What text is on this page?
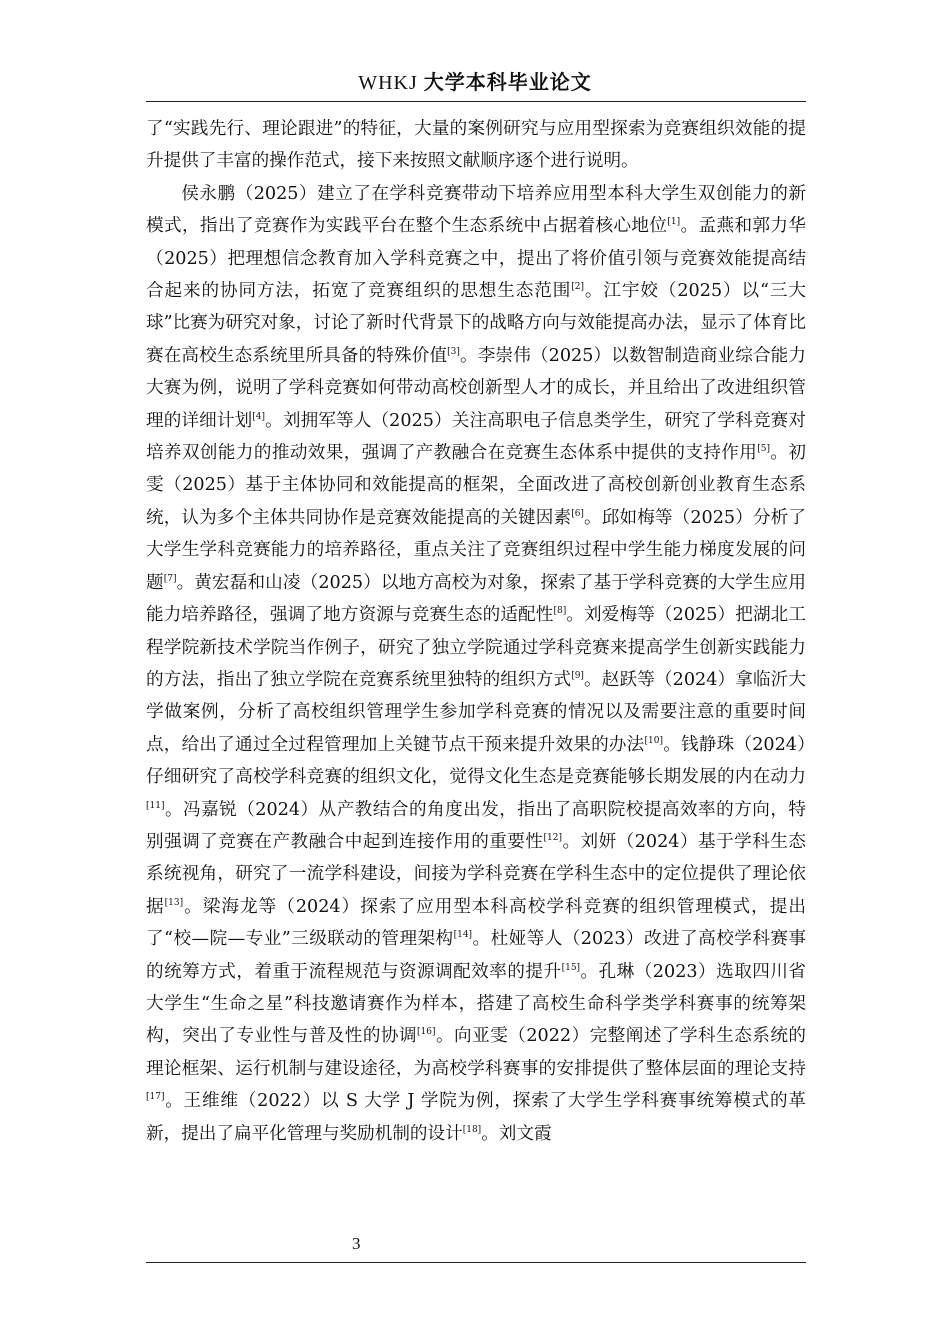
WHKJ 大学本科毕业论文

了“实践先行、理论跟进”的特征，大量的案例研究与应用型探索为竞赛组织效能的提升提供了丰富的操作范式，接下来按照文献顺序逐个进行说明。

侯永鹏（2025）建立了在学科竞赛带动下培养应用型本科大学生双创能力的新模式，指出了竞赛作为实践平台在整个生态系统中占据着核心地位[1]。孟燕和郭力华（2025）把理想信念教育加入学科竞赛之中，提出了将价值引领与竞赛效能提高结合起来的协同方法，拓宽了竞赛组织的思想生态范围[2]。江宇姣（2025）以“三大球”比赛为研究对象，讨论了新时代背景下的战略方向与效能提高办法，显示了体育比赛在高校生态系统里所具备的特殊价值[3]。李崇伟（2025）以数智制造商业综合能力大赛为例，说明了学科竞赛如何带动高校创新型人才的成长，并且给出了改进组织管理的详细计划[4]。刘拥军等人（2025）关注高职电子信息类学生，研究了学科竞赛对培养双创能力的推动效果，强调了产教融合在竞赛生态体系中提供的支持作用[5]。初雯（2025）基于主体协同和效能提高的框架，全面改进了高校创新创业教育生态系统，认为多个主体共同协作是竞赛效能提高的关键因素[6]。邱如梅等（2025）分析了大学生学科竞赛能力的培养路径，重点关注了竞赛组织过程中学生能力梯度发展的问题[7]。黄宏磊和山凌（2025）以地方高校为对象，探索了基于学科竞赛的大学生应用能力培养路径，强调了地方资源与竞赛生态的适配性[8]。刘爱梅等（2025）把湖北工程学院新技术学院当作例子，研究了独立学院通过学科竞赛来提高学生创新实践能力的方法，指出了独立学院在竞赛系统里独特的组织方式[9]。赵跃等（2024）拿临沂大学做案例，分析了高校组织管理学生参加学科竞赛的情况以及需要注意的重要时间点，给出了通过全过程管理加上关键节点干预来提升效果的办法[10]。钱静珠（2024）仔细研究了高校学科竞赛的组织文化，觉得文化生态是竞赛能够长期发展的内在动力[11]。冯嘉锐（2024）从产教结合的角度出发，指出了高职院校提高效率的方向，特别强调了竞赛在产教融合中起到连接作用的重要性[12]。刘妍（2024）基于学科生态系统视角，研究了一流学科建设，间接为学科竞赛在学科生态中的定位提供了理论依据[13]。梁海龙等（2024）探索了应用型本科高校学科竞赛的组织管理模式，提出了“校—院—专业”三级联动的管理架构[14]。杜娅等人（2023）改进了高校学科赛事的统筹方式，着重于流程规范与资源调配效率的提升[15]。孔琳（2023）选取四川省大学生“生命之星”科技邀请赛作为样本，搭建了高校生命科学类学科赛事的统筹架构，突出了专业性与普及性的协调[16]。向亚雯（2022）完整阐述了学科生态系统的理论框架、运行机制与建设途径，为高校学科赛事的安排提供了整体层面的理论支持[17]。王维维（2022）以 S 大学 J 学院为例，探索了大学生学科赛事统筹模式的革新，提出了扁平化管理与奖励机制的设计[18]。刘文霞

3
